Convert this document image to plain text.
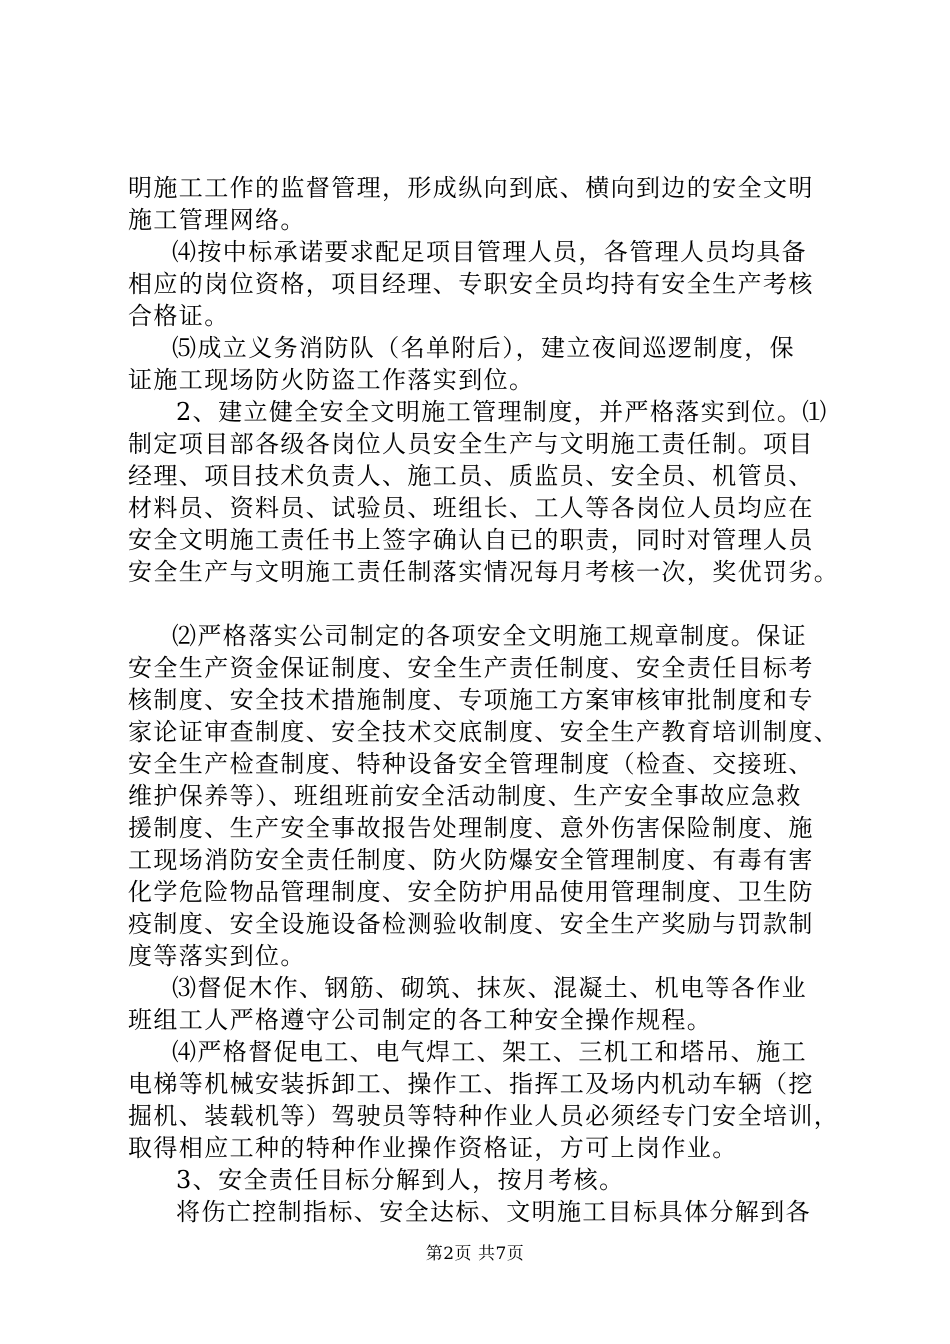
明施工工作的监督管理，形成纵向到底、横向到边的安全文明
施工管理网络。
⑷按中标承诺要求配足项目管理人员，各管理人员均具备
相应的岗位资格，项目经理、专职安全员均持有安全生产考核
合格证。
⑸成立义务消防队（名单附后），建立夜间巡逻制度，保
证施工现场防火防盗工作落实到位。
2、建立健全安全文明施工管理制度，并严格落实到位。⑴
制定项目部各级各岗位人员安全生产与文明施工责任制。项目
经理、项目技术负责人、施工员、质监员、安全员、机管员、
材料员、资料员、试验员、班组长、工人等各岗位人员均应在
安全文明施工责任书上签字确认自已的职责，同时对管理人员
安全生产与文明施工责任制落实情况每月考核一次，奖优罚劣。
⑵严格落实公司制定的各项安全文明施工规章制度。保证
安全生产资金保证制度、安全生产责任制度、安全责任目标考
核制度、安全技术措施制度、专项施工方案审核审批制度和专
家论证审查制度、安全技术交底制度、安全生产教育培训制度、
安全生产检查制度、特种设备安全管理制度（检查、交接班、
维护保养等）、班组班前安全活动制度、生产安全事故应急救
援制度、生产安全事故报告处理制度、意外伤害保险制度、施
工现场消防安全责任制度、防火防爆安全管理制度、有毒有害
化学危险物品管理制度、安全防护用品使用管理制度、卫生防
疫制度、安全设施设备检测验收制度、安全生产奖励与罚款制
度等落实到位。
⑶督促木作、钢筋、砌筑、抹灰、混凝土、机电等各作业
班组工人严格遵守公司制定的各工种安全操作规程。
⑷严格督促电工、电气焊工、架工、三机工和塔吊、施工
电梯等机械安装拆卸工、操作工、指挥工及场内机动车辆（挖
掘机、装载机等）驾驶员等特种作业人员必须经专门安全培训，
取得相应工种的特种作业操作资格证，方可上岗作业。
3、安全责任目标分解到人，按月考核。
将伤亡控制指标、安全达标、文明施工目标具体分解到各
第2页 共7页
